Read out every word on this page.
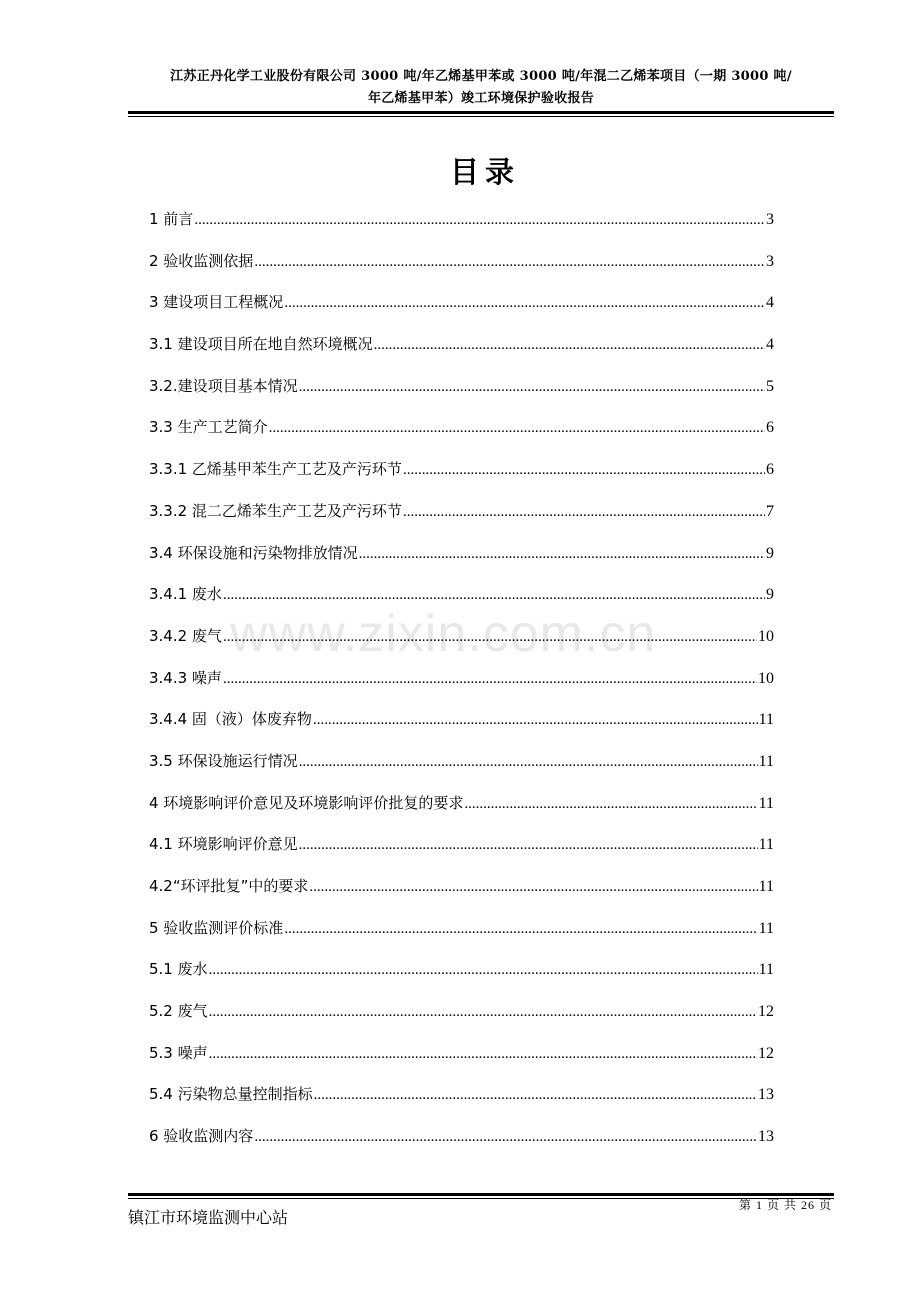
江苏正丹化学工业股份有限公司 3000 吨/年乙烯基甲苯或 3000 吨/年混二乙烯苯项目（一期 3000 吨/
年乙烯基甲苯）竣工环境保护验收报告
目录
www.zixin.com.cn
1 前言 .....	3
2 验收监测依据 .....	3
3 建设项目工程概况 .....	4
3.1 建设项目所在地自然环境概况 .....	4
3.2.建设项目基本情况 .....	5
3.3 生产工艺简介 .....	6
3.3.1 乙烯基甲苯生产工艺及产污环节 .....	6
3.3.2 混二乙烯苯生产工艺及产污环节 .....	7
3.4 环保设施和污染物排放情况 .....	9
3.4.1 废水 .....	9
3.4.2 废气 .....	10
3.4.3 噪声 .....	10
3.4.4 固（液）体废弃物 .....	11
3.5 环保设施运行情况 .....	11
4 环境影响评价意见及环境影响评价批复的要求 .....	11
4.1 环境影响评价意见 .....	11
4.2“环评批复”中的要求 .....	11
5 验收监测评价标准 .....	11
5.1 废水 .....	11
5.2 废气 .....	12
5.3 噪声 .....	12
5.4 污染物总量控制指标 .....	13
6 验收监测内容 .....	13
镇江市环境监测中心站
第 1 页 共 26 页
